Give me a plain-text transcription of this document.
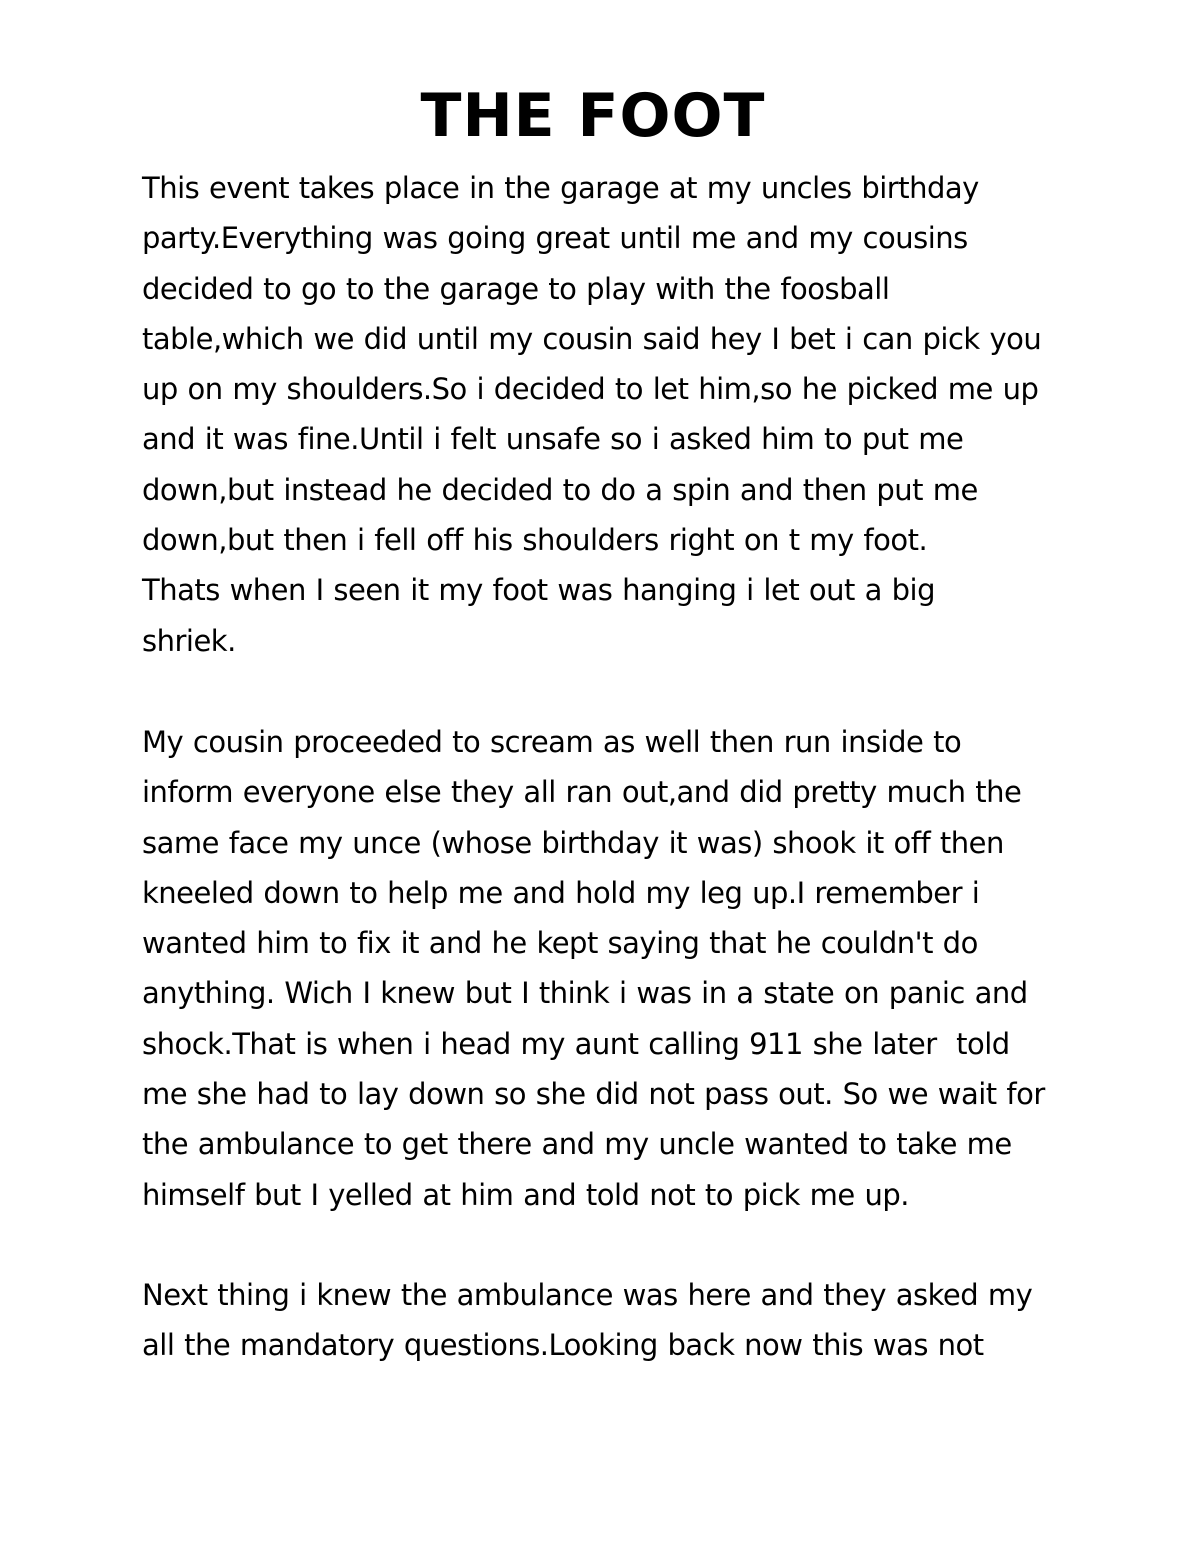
THE FOOT
This event takes place in the garage at my uncles birthday
party.Everything was going great until me and my cousins
decided to go to the garage to play with the foosball
table,which we did until my cousin said hey I bet i can pick you
up on my shoulders.So i decided to let him,so he picked me up
and it was fine.Until i felt unsafe so i asked him to put me
down,but instead he decided to do a spin and then put me
down,but then i fell off his shoulders right on t my foot.
Thats when I seen it my foot was hanging i let out a big
shriek.
My cousin proceeded to scream as well then run inside to
inform everyone else they all ran out,and did pretty much the
same face my unce (whose birthday it was) shook it off then
kneeled down to help me and hold my leg up.I remember i
wanted him to fix it and he kept saying that he couldn't do
anything. Wich I knew but I think i was in a state on panic and
shock.That is when i head my aunt calling 911 she later  told
me she had to lay down so she did not pass out. So we wait for
the ambulance to get there and my uncle wanted to take me
himself but I yelled at him and told not to pick me up.
Next thing i knew the ambulance was here and they asked my
all the mandatory questions.Looking back now this was not
